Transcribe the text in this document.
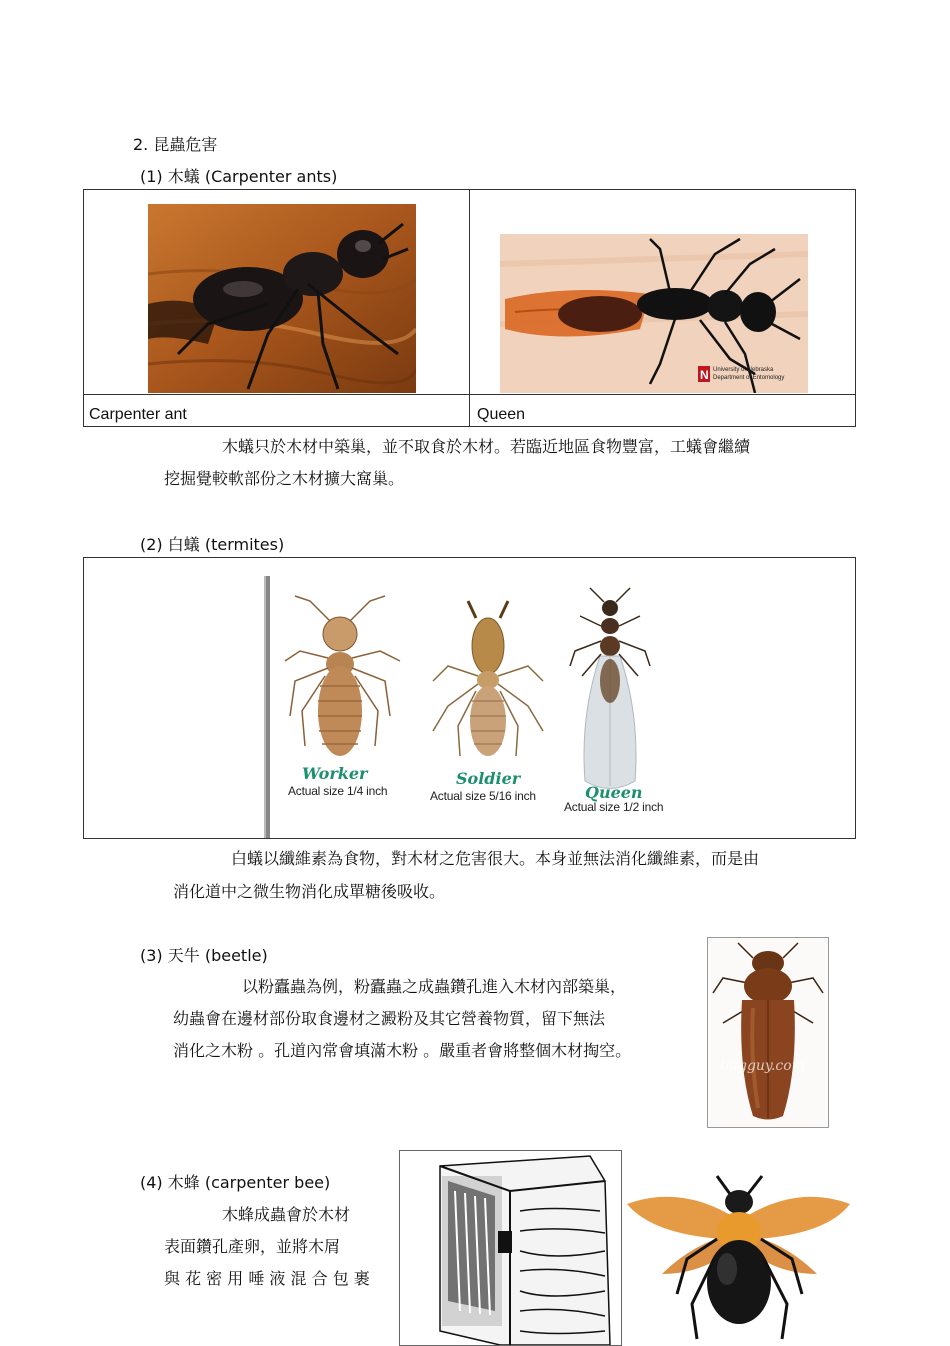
2. 昆蟲危害
(1) 木蟻 (Carpenter ants)
N University of Nebraska
Department of Entomology
Carpenter ant	Queen
木蟻只於木材中築巢，並不取食於木材。若臨近地區食物豐富，工蟻會繼續
挖掘覺較軟部份之木材擴大窩巢。
(2) 白蟻 (termites)
Worker
Actual size 1/4 inch
Soldier
Actual size 5/16 inch	Queen
Actual size 1/2 inch
白蟻以纖維素為食物，對木材之危害很大。本身並無法消化纖維素，而是由
消化道中之微生物消化成單糖後吸收。
(3) 天牛 (beetle)
以粉蠹蟲為例，粉蠹蟲之成蟲鑽孔進入木材內部築巢，
幼蟲會在邊材部份取食邊材之澱粉及其它營養物質，留下無法
消化之木粉 。孔道內常會填滿木粉 。嚴重者會將整個木材掏空。
bugguy.com
(4) 木蜂 (carpenter bee)
木蜂成蟲會於木材
表面鑽孔產卵，並將木屑
與 花 密 用 唾 液 混 合 包 裹
